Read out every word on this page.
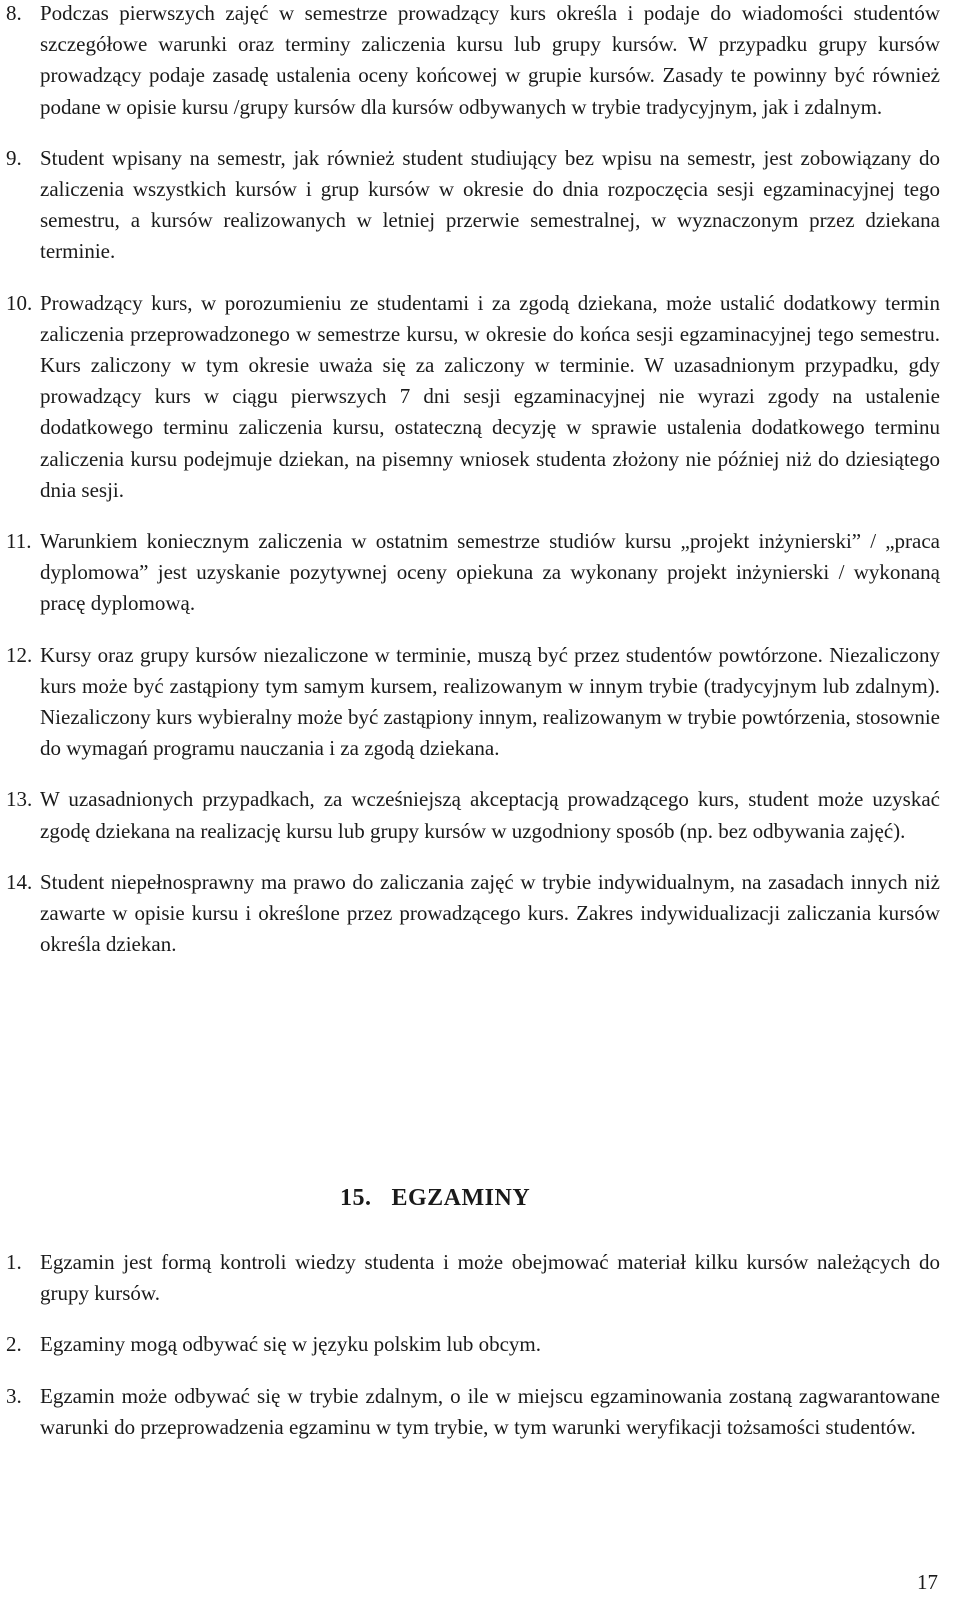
8. Podczas pierwszych zajęć w semestrze prowadzący kurs określa i podaje do wiadomości studentów szczegółowe warunki oraz terminy zaliczenia kursu lub grupy kursów. W przypadku grupy kursów prowadzący podaje zasadę ustalenia oceny końcowej w grupie kursów. Zasady te powinny być również podane w opisie kursu /grupy kursów dla kursów odbywanych w trybie tradycyjnym, jak i zdalnym.
9. Student wpisany na semestr, jak również student studiujący bez wpisu na semestr, jest zobowiązany do zaliczenia wszystkich kursów i grup kursów w okresie do dnia rozpoczęcia sesji egzaminacyjnej tego semestru, a kursów realizowanych w letniej przerwie semestralnej, w wyznaczonym przez dziekana terminie.
10. Prowadzący kurs, w porozumieniu ze studentami i za zgodą dziekana, może ustalić dodatkowy termin zaliczenia przeprowadzonego w semestrze kursu, w okresie do końca sesji egzaminacyjnej tego semestru. Kurs zaliczony w tym okresie uważa się za zaliczony w terminie. W uzasadnionym przypadku, gdy prowadzący kurs w ciągu pierwszych 7 dni sesji egzaminacyjnej nie wyrazi zgody na ustalenie dodatkowego terminu zaliczenia kursu, ostateczną decyzję w sprawie ustalenia dodatkowego terminu zaliczenia kursu podejmuje dziekan, na pisemny wniosek studenta złożony nie później niż do dziesiątego dnia sesji.
11. Warunkiem koniecznym zaliczenia w ostatnim semestrze studiów kursu „projekt inżynierski” / „praca dyplomowa” jest uzyskanie pozytywnej oceny opiekuna za wykonany projekt inżynierski / wykonaną pracę dyplomową.
12. Kursy oraz grupy kursów niezaliczone w terminie, muszą być przez studentów powtórzone. Niezaliczony kurs może być zastąpiony tym samym kursem, realizowanym w innym trybie (tradycyjnym lub zdalnym). Niezaliczony kurs wybieralny może być zastąpiony innym, realizowanym w trybie powtórzenia, stosownie do wymagań programu nauczania i za zgodą dziekana.
13. W uzasadnionych przypadkach, za wcześniejszą akceptacją prowadzącego kurs, student może uzyskać zgodę dziekana na realizację kursu lub grupy kursów w uzgodniony sposób (np. bez odbywania zajęć).
14. Student niepełnosprawny ma prawo do zaliczania zajęć w trybie indywidualnym, na zasadach innych niż zawarte w opisie kursu i określone przez prowadzącego kurs. Zakres indywidualizacji zaliczania kursów określa dziekan.
15. EGZAMINY
1. Egzamin jest formą kontroli wiedzy studenta i może obejmować materiał kilku kursów należących do grupy kursów.
2. Egzaminy mogą odbywać się w języku polskim lub obcym.
3. Egzamin może odbywać się w trybie zdalnym, o ile w miejscu egzaminowania zostaną zagwarantowane warunki do przeprowadzenia egzaminu w tym trybie, w tym warunki weryfikacji tożsamości studentów.
17
